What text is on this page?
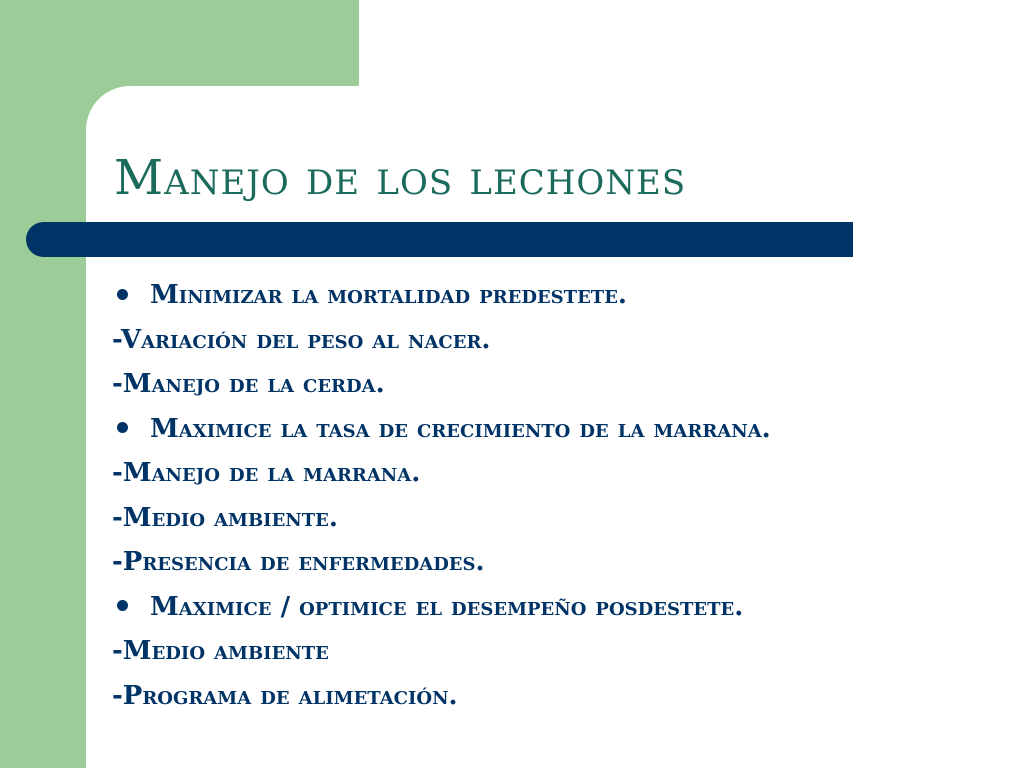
Manejo de los lechones
Minimizar la mortalidad predestete.
-Variación del peso al nacer.
-Manejo de la cerda.
Maximice la tasa de crecimiento de la marrana.
-Manejo de la marrana.
-Medio ambiente.
-Presencia de enfermedades.
Maximice / optimice el desempeño posdestete.
-Medio ambiente
-Programa de alimetación.
